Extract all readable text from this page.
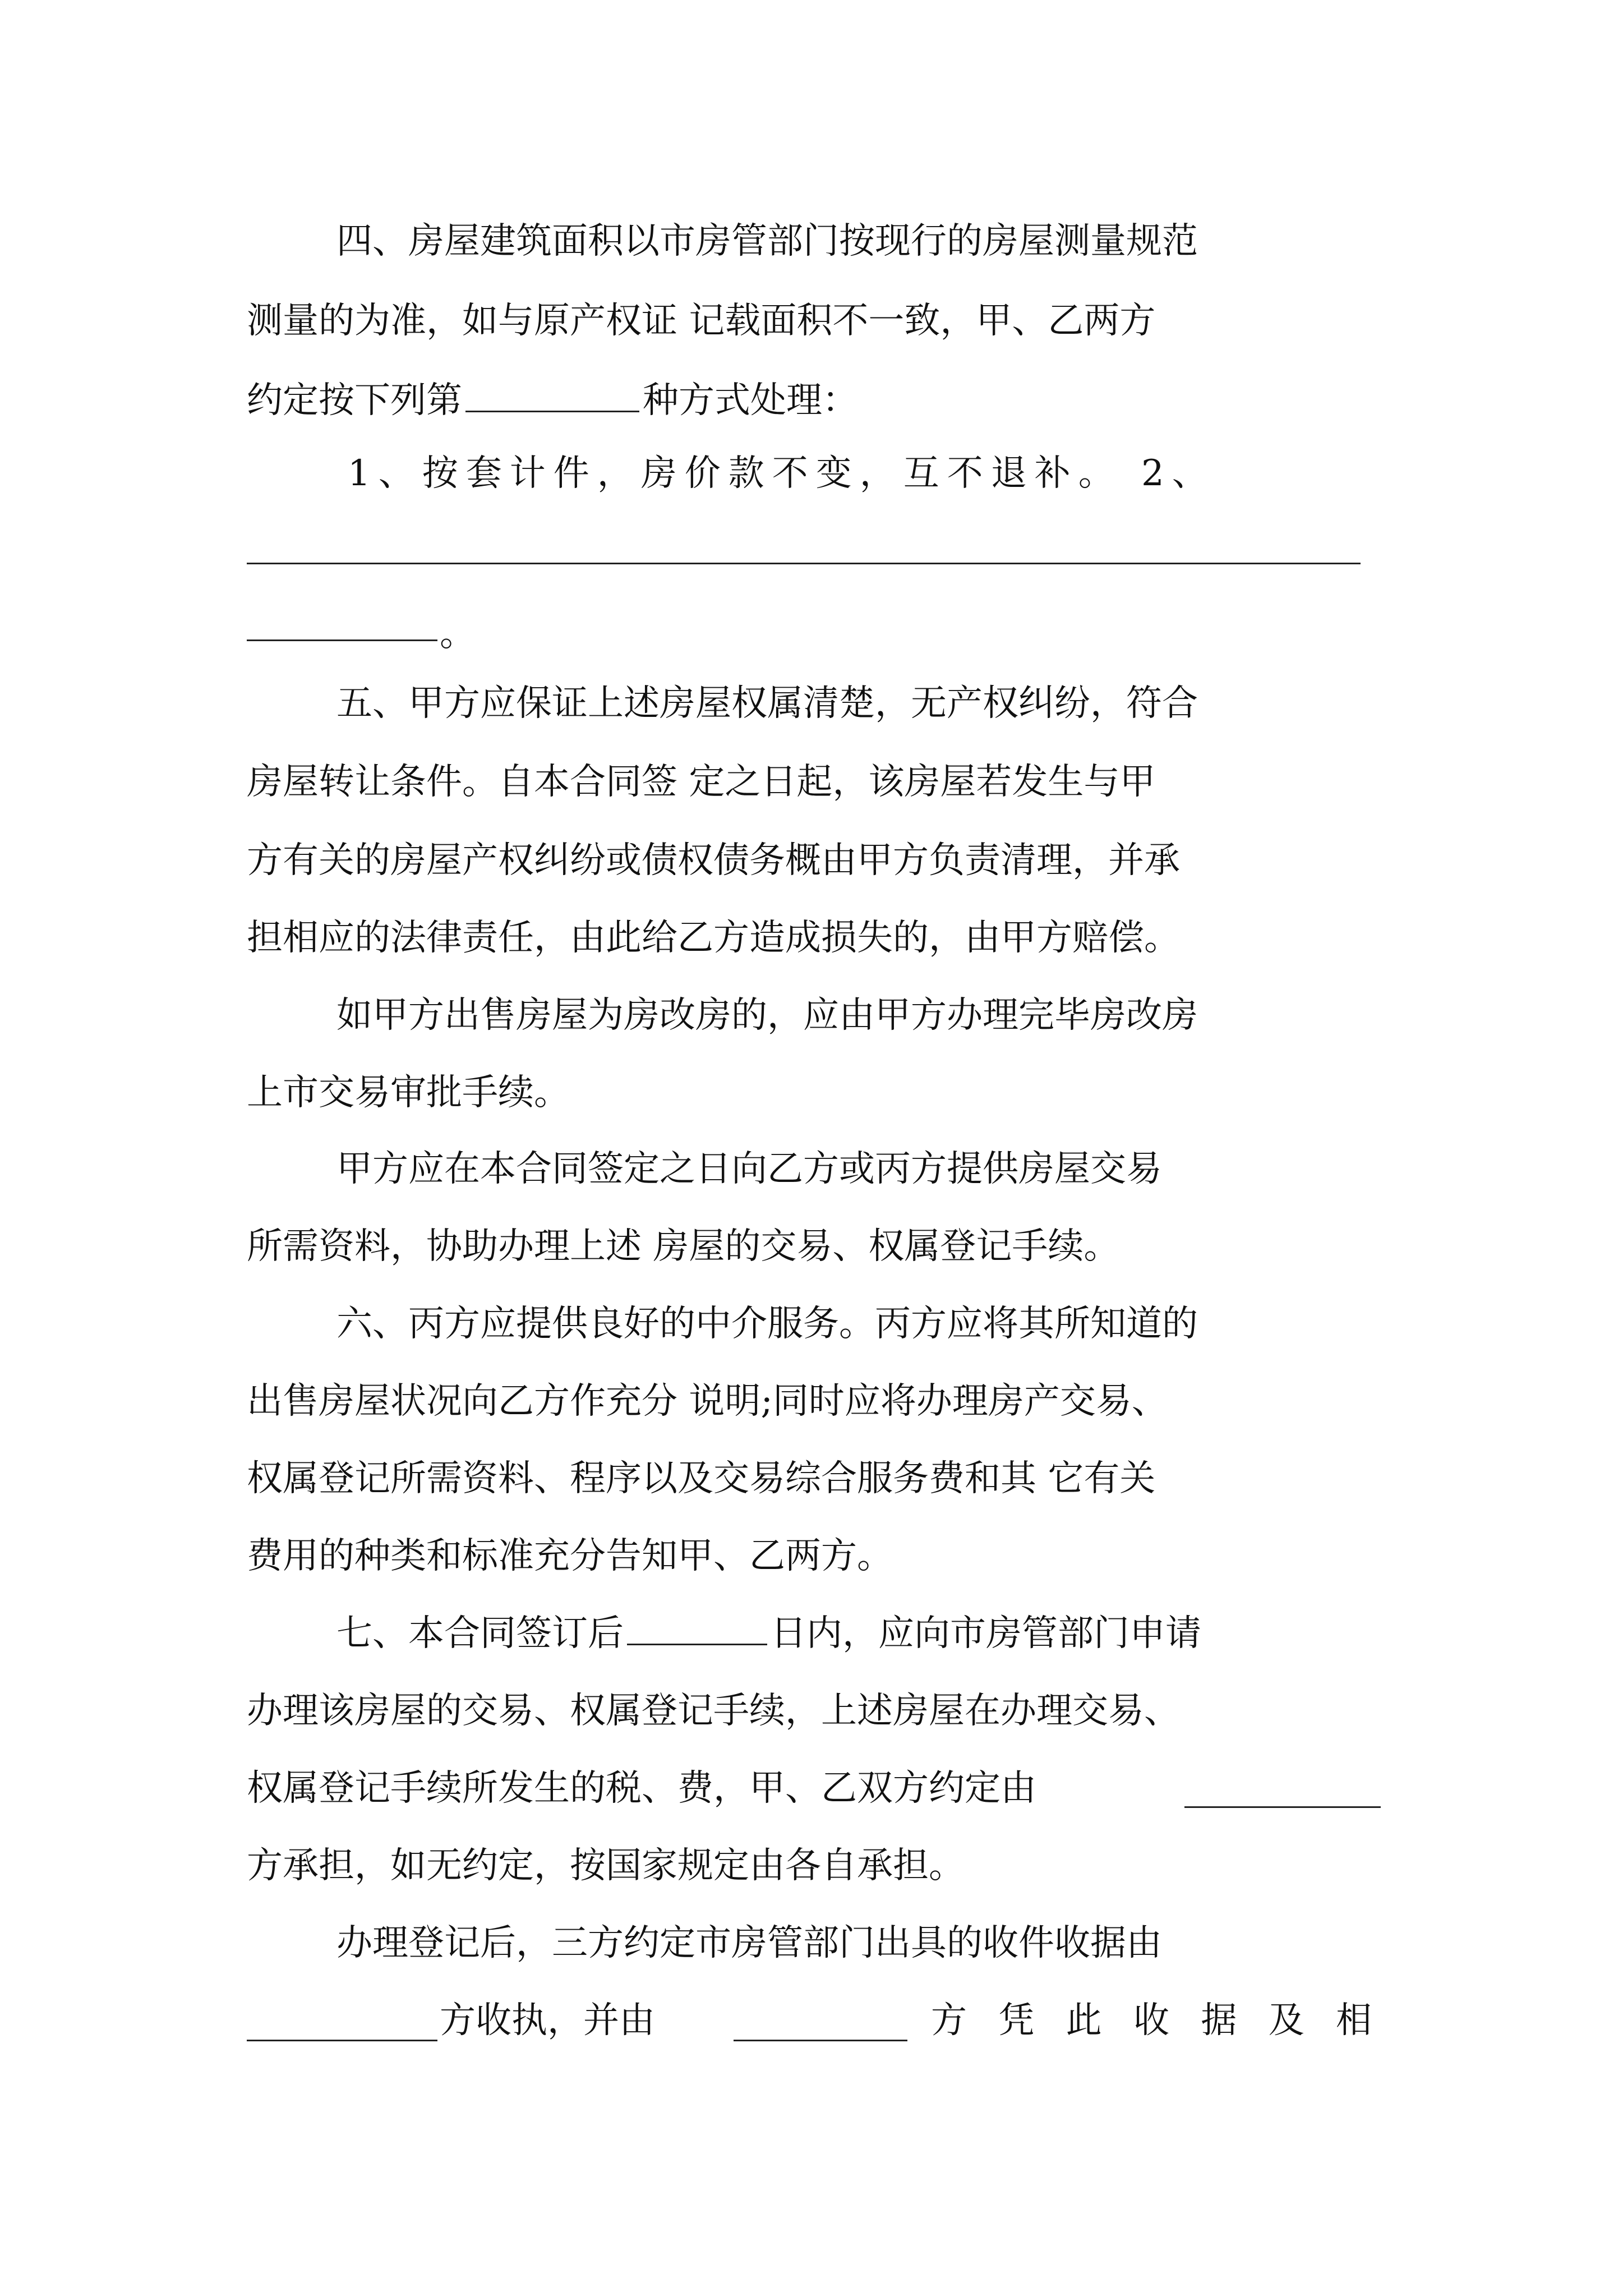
四、房屋建筑面积以市房管部门按现行的房屋测量规范

测量的为准，如与原产权证 记载面积不一致，甲、乙两方

约定按下列第	种方式处理：

1、按套计件，房价款不变，互不退补。 2、

。

五、甲方应保证上述房屋权属清楚，无产权纠纷，符合

房屋转让条件。自本合同签 定之日起，该房屋若发生与甲

方有关的房屋产权纠纷或债权债务概由甲方负责清理，并承

担相应的法律责任，由此给乙方造成损失的，由甲方赔偿。

如甲方出售房屋为房改房的，应由甲方办理完毕房改房

上市交易审批手续。

甲方应在本合同签定之日向乙方或丙方提供房屋交易

所需资料，协助办理上述 房屋的交易、权属登记手续。

六、丙方应提供良好的中介服务。丙方应将其所知道的

出售房屋状况向乙方作充分 说明;同时应将办理房产交易、

权属登记所需资料、程序以及交易综合服务费和其 它有关

费用的种类和标准充分告知甲、乙两方。

七、本合同签订后	日内，应向市房管部门申请

办理该房屋的交易、权属登记手续，上述房屋在办理交易、

权属登记手续所发生的税、费，甲、乙双方约定由

方承担，如无约定，按国家规定由各自承担。

办理登记后，三方约定市房管部门出具的收件收据由

方收执，并由	方 凭 此 收 据 及 相
